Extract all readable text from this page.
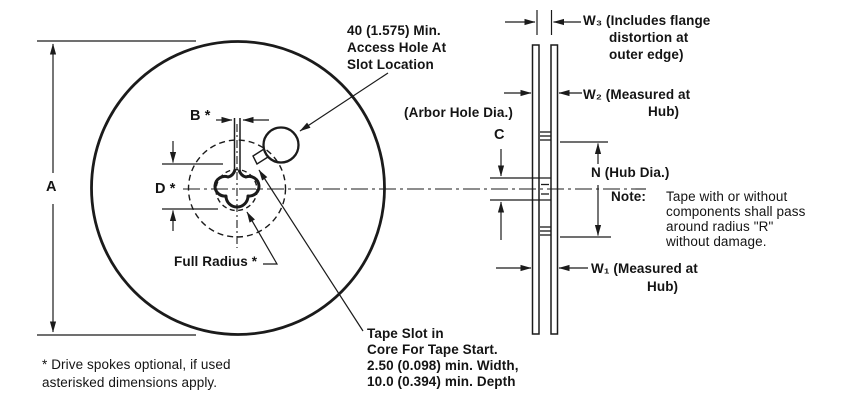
A
B *
D *
40 (1.575) Min.
Access Hole At
Slot Location
(Arbor Hole Dia.)
C
W₃ (Includes flange
distortion at
outer edge)
W₂ (Measured at
Hub)
N (Hub Dia.)
Note: Tape with or without
components shall pass
around radius "R"
without damage.
W₁ (Measured at
Hub)
Full Radius *
Tape Slot in
Core For Tape Start.
2.50 (0.098) min. Width,
10.0 (0.394) min. Depth
* Drive spokes optional, if used
asterisked dimensions apply.
